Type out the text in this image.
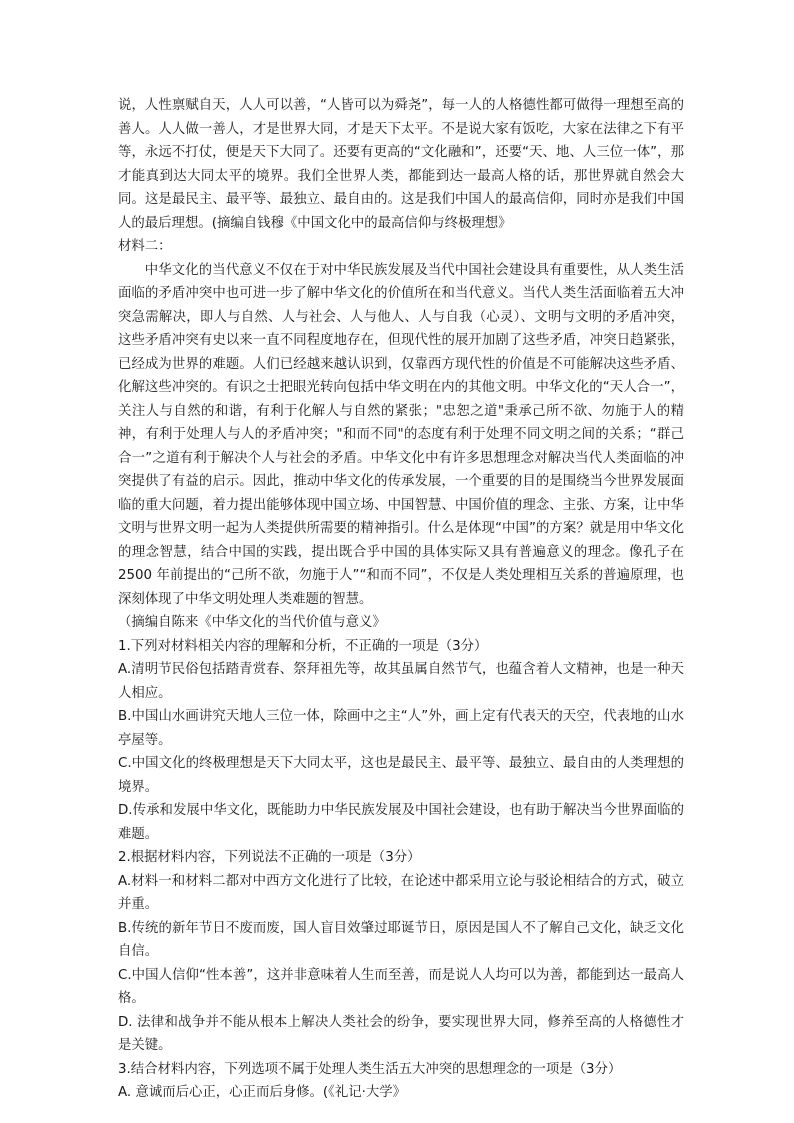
说，人性禀赋自天，人人可以善，“人皆可以为舜尧”，每一人的人格德性都可做得一理想至高的善人。人人做一善人，才是世界大同，才是天下太平。不是说大家有饭吃，大家在法律之下有平等，永远不打仗，便是天下大同了。还要有更高的“文化融和”，还要“天、地、人三位一体”，那才能真到达大同太平的境界。我们全世界人类，都能到达一最高人格的话，那世界就自然会大同。这是最民主、最平等、最独立、最自由的。这是我们中国人的最高信仰，同时亦是我们中国人的最后理想。(摘编自钱穆《中国文化中的最高信仰与终极理想》

材料二：

中华文化的当代意义不仅在于对中华民族发展及当代中国社会建设具有重要性，从人类生活面临的矛盾冲突中也可进一步了解中华文化的价值所在和当代意义。当代人类生活面临着五大冲突急需解决，即人与自然、人与社会、人与他人、人与自我（心灵）、文明与文明的矛盾冲突，这些矛盾冲突有史以来一直不同程度地存在，但现代性的展开加剧了这些矛盾，冲突日趋紧张，已经成为世界的难题。人们已经越来越认识到，仅靠西方现代性的价值是不可能解决这些矛盾、化解这些冲突的。有识之士把眼光转向包括中华文明在内的其他文明。中华文化的“天人合一”，关注人与自然的和谐，有利于化解人与自然的紧张；"忠恕之道"秉承己所不欲、勿施于人的精神，有利于处理人与人的矛盾冲突；"和而不同"的态度有利于处理不同文明之间的关系；“群己合一”之道有利于解决个人与社会的矛盾。中华文化中有许多思想理念对解决当代人类面临的冲突提供了有益的启示。因此，推动中华文化的传承发展，一个重要的目的是围绕当今世界发展面临的重大问题，着力提出能够体现中国立场、中国智慧、中国价值的理念、主张、方案，让中华文明与世界文明一起为人类提供所需要的精神指引。什么是体现“中国”的方案？就是用中华文化的理念智慧，结合中国的实践，提出既合乎中国的具体实际又具有普遍意义的理念。像孔子在 2500 年前提出的“己所不欲，勿施于人”“和而不同”，不仅是人类处理相互关系的普遍原理，也深刻体现了中华文明处理人类难题的智慧。

（摘编自陈来《中华文化的当代价值与意义》

1.下列对材料相关内容的理解和分析，不正确的一项是（3分）

A.清明节民俗包括踏青赏春、祭拜祖先等，故其虽属自然节气，也蕴含着人文精神，也是一种天人相应。

B.中国山水画讲究天地人三位一体，除画中之主“人”外，画上定有代表天的天空，代表地的山水亭屋等。

C.中国文化的终极理想是天下大同太平，这也是最民主、最平等、最独立、最自由的人类理想的境界。

D.传承和发展中华文化，既能助力中华民族发展及中国社会建设，也有助于解决当今世界面临的难题。

2.根据材料内容，下列说法不正确的一项是（3分）

A.材料一和材料二都对中西方文化进行了比较，在论述中都采用立论与驳论相结合的方式，破立并重。

B.传统的新年节日不废而废，国人盲目效肇过耶诞节日，原因是国人不了解自己文化，缺乏文化自信。

C.中国人信仰“性本善”，这并非意味着人生而至善，而是说人人均可以为善，都能到达一最高人格。

D. 法律和战争并不能从根本上解决人类社会的纷争，要实现世界大同，修养至高的人格德性才是关键。

3.结合材料内容，下列选项不属于处理人类生活五大冲突的思想理念的一项是（3分）

A. 意诚而后心正，心正而后身修。(《礼记·大学》
